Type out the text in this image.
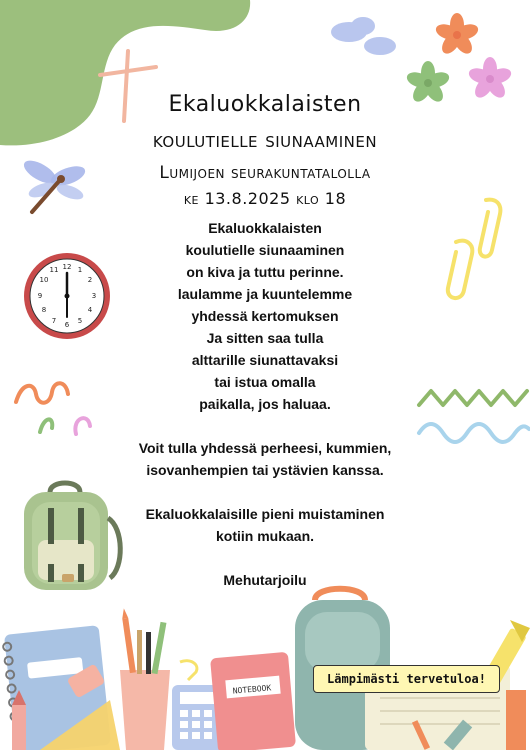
Ekaluokkalaisten
koulutielle siunaaminen
Lumijoen seurakuntatalolla
ke 13.8.2025 klo 18
Ekaluokkalaisten
koulutielle siunaaminen
on kiva ja tuttu perinne.
laulamme ja kuuntelemme
yhdessä kertomuksen
Ja sitten saa tulla
alttarille siunattavaksi
tai istua omalla
paikalla, jos haluaa.
Voit tulla yhdessä perheesi, kummien,
isovanhempien tai ystävien kanssa.
Ekaluokkalaisille pieni muistaminen
kotiin mukaan.
Mehutarjoilu
12 1
2
3
4
5
6
7
8
9
10
11
NOTEBOOK
Lämpimästi tervetuloa!
